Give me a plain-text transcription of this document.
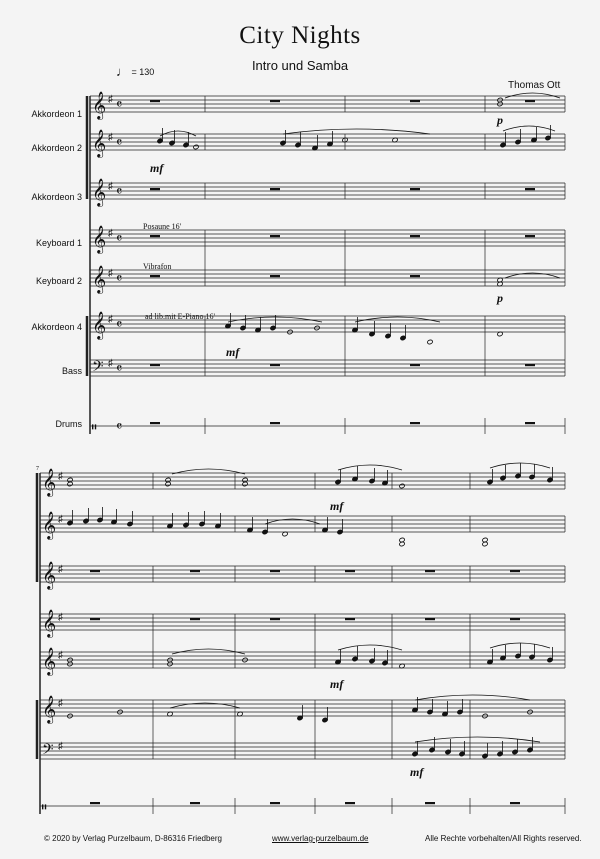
City Nights
Intro und Samba
Thomas Ott
♩ = 130
Akkordeon 1
Akkordeon 2
Akkordeon 3
Keyboard 1
Keyboard 2
Akkordeon 4
Bass
Drums
Posaune 16'
Vibrafon
ad lib.mit E-Piano 16'
© 2020 by Verlag Purzelbaum, D-86316 Friedberg	www.verlag-purzelbaum.de	Alle Rechte vorbehalten/All Rights reserved.
𝄞 ♯ 𝄴
𝄞 ♯ 𝄴
𝄞 ♯ 𝄴
𝄞 ♯ 𝄴
𝄞 ♯ 𝄴
𝄞 ♯ 𝄴
𝄢 ♯ 𝄴
𝄥 𝄴
p
mf
p
mf
𝄞 ♯
𝄞 ♯
𝄞 ♯
𝄞 ♯
𝄞 ♯
𝄞 ♯
𝄢 ♯
𝄥
7
mf
mf
mf
